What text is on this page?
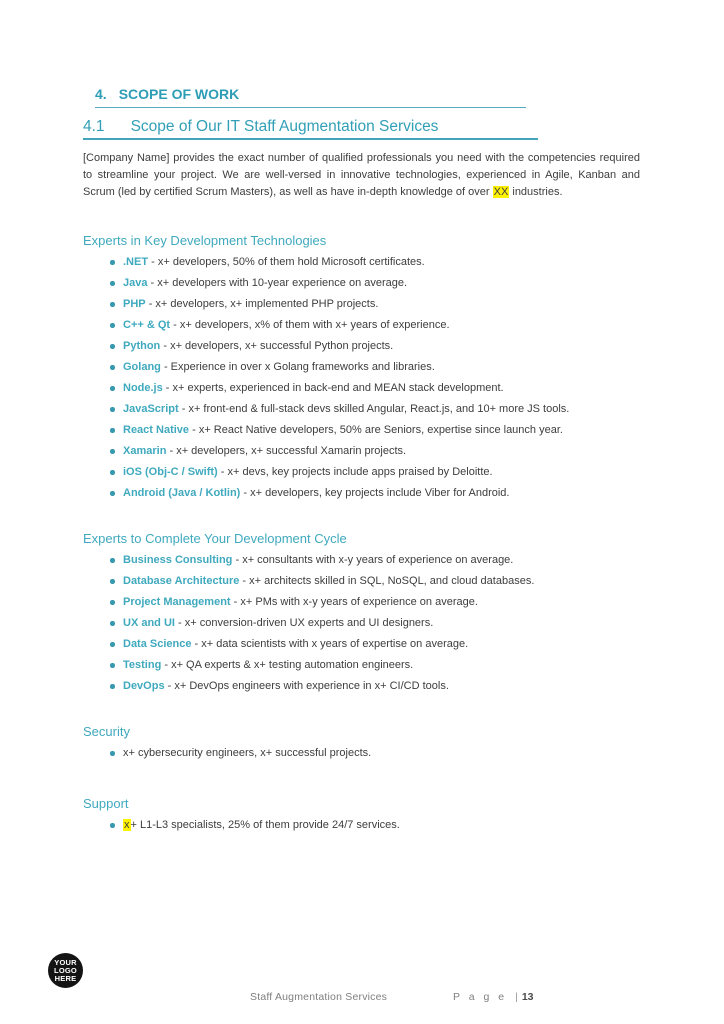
4. SCOPE OF WORK
4.1 Scope of Our IT Staff Augmentation Services

[Company Name] provides the exact number of qualified professionals you need with the competencies required to streamline your project. We are well-versed in innovative technologies, experienced in Agile, Kanban and Scrum (led by certified Scrum Masters), as well as have in-depth knowledge of over XX industries.

Experts in Key Development Technologies
.NET - x+ developers, 50% of them hold Microsoft certificates.
Java - x+ developers with 10-year experience on average.
PHP - x+ developers, x+ implemented PHP projects.
C++ & Qt - x+ developers, x% of them with x+ years of experience.
Python - x+ developers, x+ successful Python projects.
Golang - Experience in over x Golang frameworks and libraries.
Node.js - x+ experts, experienced in back-end and MEAN stack development.
JavaScript - x+ front-end & full-stack devs skilled Angular, React.js, and 10+ more JS tools.
React Native - x+ React Native developers, 50% are Seniors, expertise since launch year.
Xamarin - x+ developers, x+ successful Xamarin projects.
iOS (Obj-C / Swift) - x+ devs, key projects include apps praised by Deloitte.
Android (Java / Kotlin) - x+ developers, key projects include Viber for Android.
Experts to Complete Your Development Cycle
Business Consulting - x+ consultants with x-y years of experience on average.
Database Architecture - x+ architects skilled in SQL, NoSQL, and cloud databases.
Project Management - x+ PMs with x-y years of experience on average.
UX and UI - x+ conversion-driven UX experts and UI designers.
Data Science - x+ data scientists with x years of expertise on average.
Testing - x+ QA experts & x+ testing automation engineers.
DevOps - x+ DevOps engineers with experience in x+ CI/CD tools.
Security
x+ cybersecurity engineers, x+ successful projects.
Support
x+ L1-L3 specialists, 25% of them provide 24/7 services.
YOUR
LOGO
HERE
Staff Augmentation Services	P a g e | 13
